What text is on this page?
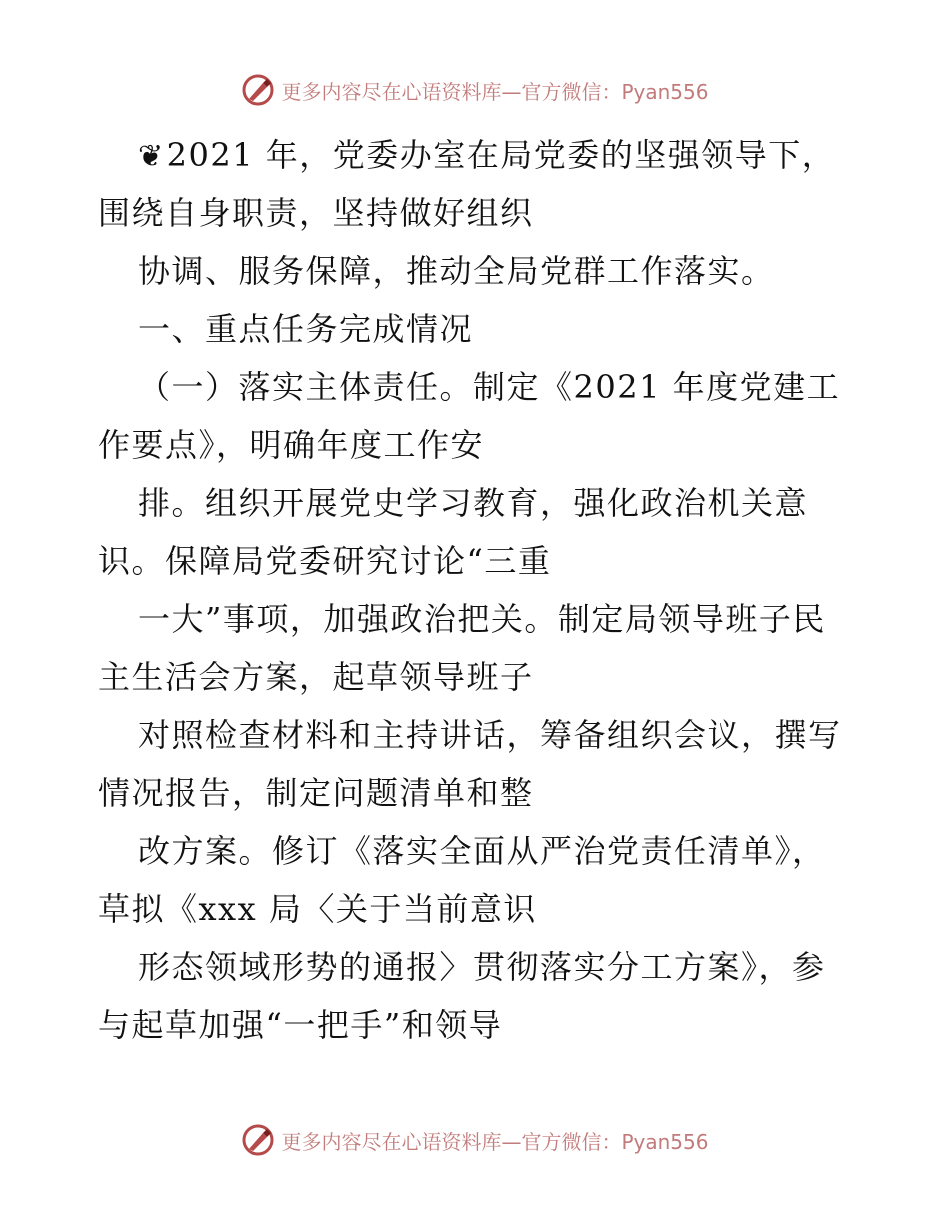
更多内容尽在心语资料库—官方微信：Pyan556
❦2021 年，党委办室在局党委的坚强领导下，
围绕自身职责，坚持做好组织
协调、服务保障，推动全局党群工作落实。
一、重点任务完成情况
（一）落实主体责任。制定《2021 年度党建工
作要点》，明确年度工作安
排。组织开展党史学习教育，强化政治机关意
识。保障局党委研究讨论“三重
一大”事项，加强政治把关。制定局领导班子民
主生活会方案，起草领导班子
对照检查材料和主持讲话，筹备组织会议，撰写
情况报告，制定问题清单和整
改方案。修订《落实全面从严治党责任清单》，
草拟《xxx 局〈关于当前意识
形态领域形势的通报〉贯彻落实分工方案》，参
与起草加强“一把手”和领导
更多内容尽在心语资料库—官方微信：Pyan556
